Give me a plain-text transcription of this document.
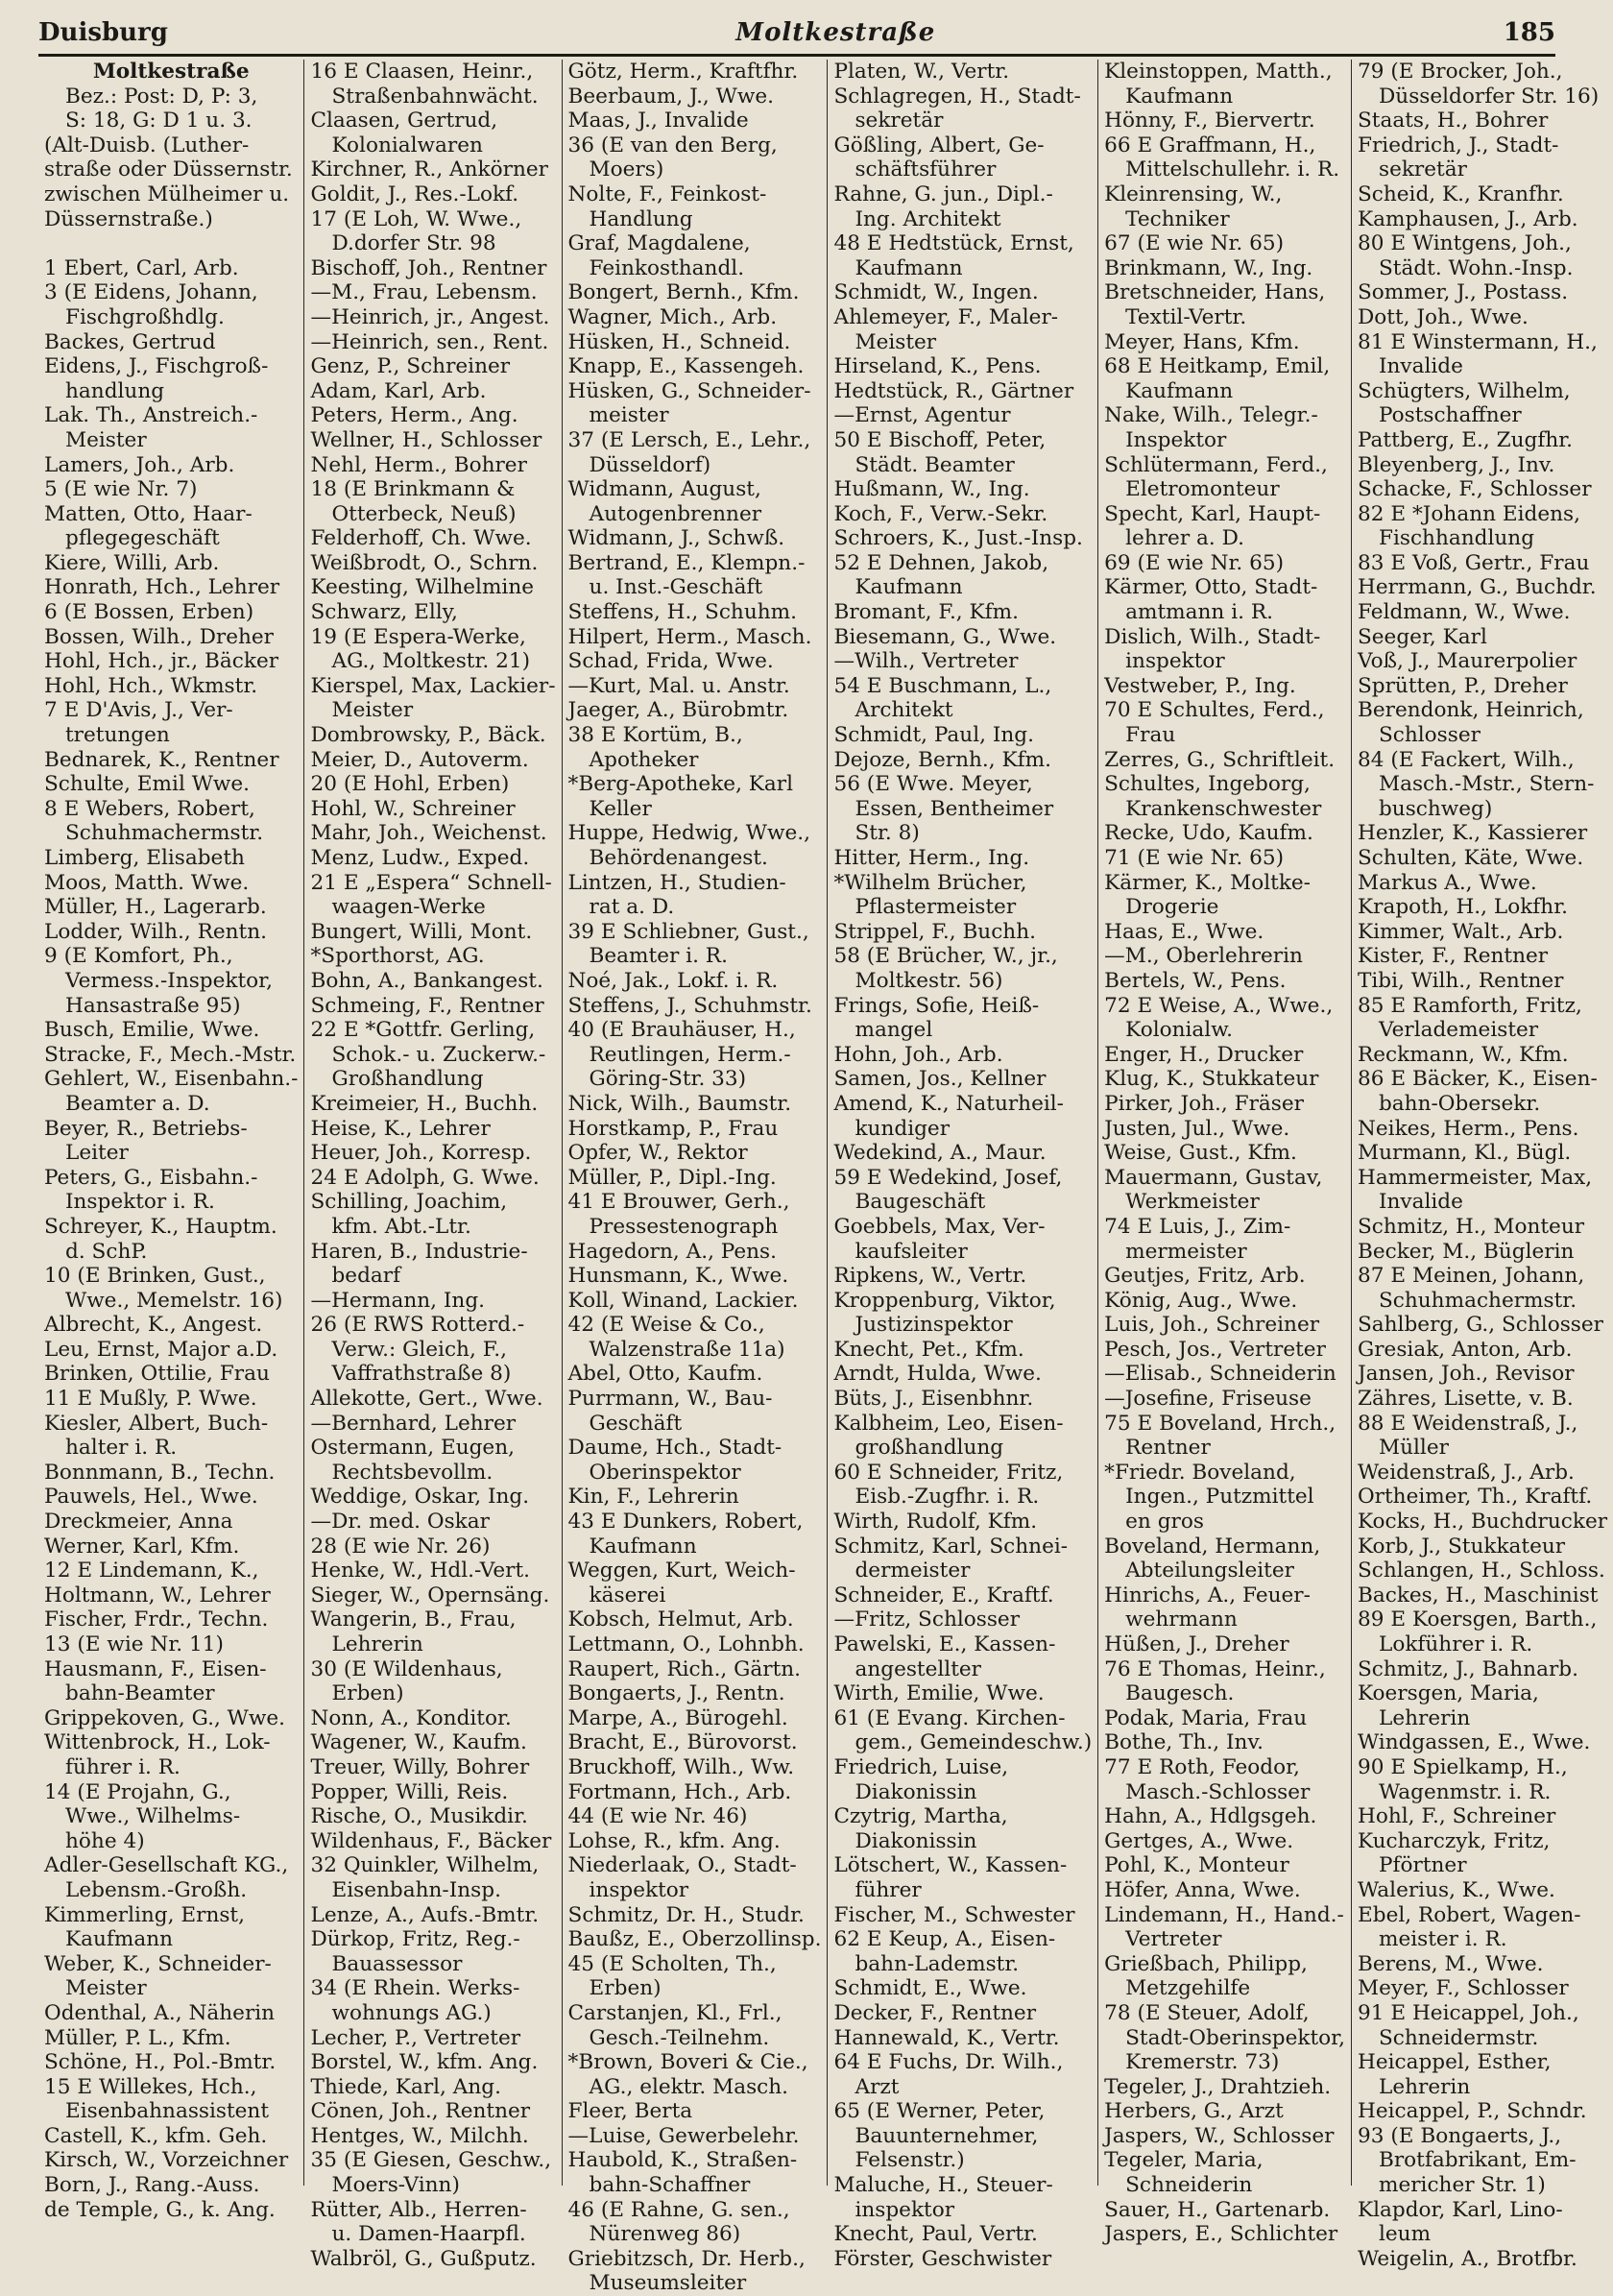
Duisburg	Moltkestraße	185
Moltkestraße
Bez.: Post: D, P: 3,
S: 18, G: D 1 u. 3.
(Alt-Duisb. (Luther-
straße oder Düssernstr.
zwischen Mülheimer u.
Düssernstraße.)
1 Ebert, Carl, Arb.
3 (E Eidens, Johann,
Fischgroßhdlg.
Backes, Gertrud
Eidens, J., Fischgroß-
handlung
Lak. Th., Anstreich.-
Meister
Lamers, Joh., Arb.
5 (E wie Nr. 7)
Matten, Otto, Haar-
pflegegeschäft
Kiere, Willi, Arb.
Honrath, Hch., Lehrer
6 (E Bossen, Erben)
Bossen, Wilh., Dreher
Hohl, Hch., jr., Bäcker
Hohl, Hch., Wkmstr.
7 E D'Avis, J., Ver-
tretungen
Bednarek, K., Rentner
Schulte, Emil Wwe.
8 E Webers, Robert,
Schuhmachermstr.
Limberg, Elisabeth
Moos, Matth. Wwe.
Müller, H., Lagerarb.
Lodder, Wilh., Rentn.
9 (E Komfort, Ph.,
Vermess.-Inspektor,
Hansastraße 95)
Busch, Emilie, Wwe.
Stracke, F., Mech.-Mstr.
Gehlert, W., Eisenbahn.-
Beamter a. D.
Beyer, R., Betriebs-
Leiter
Peters, G., Eisbahn.-
Inspektor i. R.
Schreyer, K., Hauptm.
d. SchP.
10 (E Brinken, Gust.,
Wwe., Memelstr. 16)
Albrecht, K., Angest.
Leu, Ernst, Major a.D.
Brinken, Ottilie, Frau
11 E Mußly, P. Wwe.
Kiesler, Albert, Buch-
halter i. R.
Bonnmann, B., Techn.
Pauwels, Hel., Wwe.
Dreckmeier, Anna
Werner, Karl, Kfm.
12 E Lindemann, K.,
Holtmann, W., Lehrer
Fischer, Frdr., Techn.
13 (E wie Nr. 11)
Hausmann, F., Eisen-
bahn-Beamter
Grippekoven, G., Wwe.
Wittenbrock, H., Lok-
führer i. R.
14 (E Projahn, G.,
Wwe., Wilhelms-
höhe 4)
Adler-Gesellschaft KG.,
Lebensm.-Großh.
Kimmerling, Ernst,
Kaufmann
Weber, K., Schneider-
Meister
Odenthal, A., Näherin
Müller, P. L., Kfm.
Schöne, H., Pol.-Bmtr.
15 E Willekes, Hch.,
Eisenbahnassistent
Castell, K., kfm. Geh.
Kirsch, W., Vorzeichner
Born, J., Rang.-Auss.
de Temple, G., k. Ang.
16 E Claasen, Heinr.,
Straßenbahnwächt.
Claasen, Gertrud,
Kolonialwaren
Kirchner, R., Ankörner
Goldit, J., Res.-Lokf.
17 (E Loh, W. Wwe.,
D.dorfer Str. 98
Bischoff, Joh., Rentner
—M., Frau, Lebensm.
—Heinrich, jr., Angest.
—Heinrich, sen., Rent.
Genz, P., Schreiner
Adam, Karl, Arb.
Peters, Herm., Ang.
Wellner, H., Schlosser
Nehl, Herm., Bohrer
18 (E Brinkmann &
Otterbeck, Neuß)
Felderhoff, Ch. Wwe.
Weißbrodt, O., Schrn.
Keesting, Wilhelmine
Schwarz, Elly,
19 (E Espera-Werke,
AG., Moltkestr. 21)
Kierspel, Max, Lackier-
Meister
Dombrowsky, P., Bäck.
Meier, D., Autoverm.
20 (E Hohl, Erben)
Hohl, W., Schreiner
Mahr, Joh., Weichenst.
Menz, Ludw., Exped.
21 E „Espera“ Schnell-
waagen-Werke
Bungert, Willi, Mont.
*Sporthorst, AG.
Bohn, A., Bankangest.
Schmeing, F., Rentner
22 E *Gottfr. Gerling,
Schok.- u. Zuckerw.-
Großhandlung
Kreimeier, H., Buchh.
Heise, K., Lehrer
Heuer, Joh., Korresp.
24 E Adolph, G. Wwe.
Schilling, Joachim,
kfm. Abt.-Ltr.
Haren, B., Industrie-
bedarf
—Hermann, Ing.
26 (E RWS Rotterd.-
Verw.: Gleich, F.,
Vaffrathstraße 8)
Allekotte, Gert., Wwe.
—Bernhard, Lehrer
Ostermann, Eugen,
Rechtsbevollm.
Weddige, Oskar, Ing.
—Dr. med. Oskar
28 (E wie Nr. 26)
Henke, W., Hdl.-Vert.
Sieger, W., Opernsäng.
Wangerin, B., Frau,
Lehrerin
30 (E Wildenhaus,
Erben)
Nonn, A., Konditor.
Wagener, W., Kaufm.
Treuer, Willy, Bohrer
Popper, Willi, Reis.
Rische, O., Musikdir.
Wildenhaus, F., Bäcker
32 Quinkler, Wilhelm,
Eisenbahn-Insp.
Lenze, A., Aufs.-Bmtr.
Dürkop, Fritz, Reg.-
Bauassessor
34 (E Rhein. Werks-
wohnungs AG.)
Lecher, P., Vertreter
Borstel, W., kfm. Ang.
Thiede, Karl, Ang.
Cönen, Joh., Rentner
Hentges, W., Milchh.
35 (E Giesen, Geschw.,
Moers-Vinn)
Rütter, Alb., Herren-
u. Damen-Haarpfl.
Walbröl, G., Gußputz.
Götz, Herm., Kraftfhr.
Beerbaum, J., Wwe.
Maas, J., Invalide
36 (E van den Berg,
Moers)
Nolte, F., Feinkost-
Handlung
Graf, Magdalene,
Feinkosthandl.
Bongert, Bernh., Kfm.
Wagner, Mich., Arb.
Hüsken, H., Schneid.
Knapp, E., Kassengeh.
Hüsken, G., Schneider-
meister
37 (E Lersch, E., Lehr.,
Düsseldorf)
Widmann, August,
Autogenbrenner
Widmann, J., Schwß.
Bertrand, E., Klempn.-
u. Inst.-Geschäft
Steffens, H., Schuhm.
Hilpert, Herm., Masch.
Schad, Frida, Wwe.
—Kurt, Mal. u. Anstr.
Jaeger, A., Bürobmtr.
38 E Kortüm, B.,
Apotheker
*Berg-Apotheke, Karl
Keller
Huppe, Hedwig, Wwe.,
Behördenangest.
Lintzen, H., Studien-
rat a. D.
39 E Schliebner, Gust.,
Beamter i. R.
Noé, Jak., Lokf. i. R.
Steffens, J., Schuhmstr.
40 (E Brauhäuser, H.,
Reutlingen, Herm.-
Göring-Str. 33)
Nick, Wilh., Baumstr.
Horstkamp, P., Frau
Opfer, W., Rektor
Müller, P., Dipl.-Ing.
41 E Brouwer, Gerh.,
Pressestenograph
Hagedorn, A., Pens.
Hunsmann, K., Wwe.
Koll, Winand, Lackier.
42 (E Weise & Co.,
Walzenstraße 11a)
Abel, Otto, Kaufm.
Purrmann, W., Bau-
Geschäft
Daume, Hch., Stadt-
Oberinspektor
Kin, F., Lehrerin
43 E Dunkers, Robert,
Kaufmann
Weggen, Kurt, Weich-
käserei
Kobsch, Helmut, Arb.
Lettmann, O., Lohnbh.
Raupert, Rich., Gärtn.
Bongaerts, J., Rentn.
Marpe, A., Bürogehl.
Bracht, E., Bürovorst.
Bruckhoff, Wilh., Ww.
Fortmann, Hch., Arb.
44 (E wie Nr. 46)
Lohse, R., kfm. Ang.
Niederlaak, O., Stadt-
inspektor
Schmitz, Dr. H., Studr.
Baußz, E., Oberzollinsp.
45 (E Scholten, Th.,
Erben)
Carstanjen, Kl., Frl.,
Gesch.-Teilnehm.
*Brown, Boveri & Cie.,
AG., elektr. Masch.
Fleer, Berta
—Luise, Gewerbelehr.
Haubold, K., Straßen-
bahn-Schaffner
46 (E Rahne, G. sen.,
Nürenweg 86)
Griebitzsch, Dr. Herb.,
Museumsleiter
Platen, W., Vertr.
Schlagregen, H., Stadt-
sekretär
Gößling, Albert, Ge-
schäftsführer
Rahne, G. jun., Dipl.-
Ing. Architekt
48 E Hedtstück, Ernst,
Kaufmann
Schmidt, W., Ingen.
Ahlemeyer, F., Maler-
Meister
Hirseland, K., Pens.
Hedtstück, R., Gärtner
—Ernst, Agentur
50 E Bischoff, Peter,
Städt. Beamter
Hußmann, W., Ing.
Koch, F., Verw.-Sekr.
Schroers, K., Just.-Insp.
52 E Dehnen, Jakob,
Kaufmann
Bromant, F., Kfm.
Biesemann, G., Wwe.
—Wilh., Vertreter
54 E Buschmann, L.,
Architekt
Schmidt, Paul, Ing.
Dejoze, Bernh., Kfm.
56 (E Wwe. Meyer,
Essen, Bentheimer
Str. 8)
Hitter, Herm., Ing.
*Wilhelm Brücher,
Pflastermeister
Strippel, F., Buchh.
58 (E Brücher, W., jr.,
Moltkestr. 56)
Frings, Sofie, Heiß-
mangel
Hohn, Joh., Arb.
Samen, Jos., Kellner
Amend, K., Naturheil-
kundiger
Wedekind, A., Maur.
59 E Wedekind, Josef,
Baugeschäft
Goebbels, Max, Ver-
kaufsleiter
Ripkens, W., Vertr.
Kroppenburg, Viktor,
Justizinspektor
Knecht, Pet., Kfm.
Arndt, Hulda, Wwe.
Büts, J., Eisenbhnr.
Kalbheim, Leo, Eisen-
großhandlung
60 E Schneider, Fritz,
Eisb.-Zugfhr. i. R.
Wirth, Rudolf, Kfm.
Schmitz, Karl, Schnei-
dermeister
Schneider, E., Kraftf.
—Fritz, Schlosser
Pawelski, E., Kassen-
angestellter
Wirth, Emilie, Wwe.
61 (E Evang. Kirchen-
gem., Gemeindeschw.)
Friedrich, Luise,
Diakonissin
Czytrig, Martha,
Diakonissin
Lötschert, W., Kassen-
führer
Fischer, M., Schwester
62 E Keup, A., Eisen-
bahn-Lademstr.
Schmidt, E., Wwe.
Decker, F., Rentner
Hannewald, K., Vertr.
64 E Fuchs, Dr. Wilh.,
Arzt
65 (E Werner, Peter,
Bauunternehmer,
Felsenstr.)
Maluche, H., Steuer-
inspektor
Knecht, Paul, Vertr.
Förster, Geschwister
Kleinstoppen, Matth.,
Kaufmann
Hönny, F., Biervertr.
66 E Graffmann, H.,
Mittelschullehr. i. R.
Kleinrensing, W.,
Techniker
67 (E wie Nr. 65)
Brinkmann, W., Ing.
Bretschneider, Hans,
Textil-Vertr.
Meyer, Hans, Kfm.
68 E Heitkamp, Emil,
Kaufmann
Nake, Wilh., Telegr.-
Inspektor
Schlütermann, Ferd.,
Eletromonteur
Specht, Karl, Haupt-
lehrer a. D.
69 (E wie Nr. 65)
Kärmer, Otto, Stadt-
amtmann i. R.
Dislich, Wilh., Stadt-
inspektor
Vestweber, P., Ing.
70 E Schultes, Ferd.,
Frau
Zerres, G., Schriftleit.
Schultes, Ingeborg,
Krankenschwester
Recke, Udo, Kaufm.
71 (E wie Nr. 65)
Kärmer, K., Moltke-
Drogerie
Haas, E., Wwe.
—M., Oberlehrerin
Bertels, W., Pens.
72 E Weise, A., Wwe.,
Kolonialw.
Enger, H., Drucker
Klug, K., Stukkateur
Pirker, Joh., Fräser
Justen, Jul., Wwe.
Weise, Gust., Kfm.
Mauermann, Gustav,
Werkmeister
74 E Luis, J., Zim-
mermeister
Geutjes, Fritz, Arb.
König, Aug., Wwe.
Luis, Joh., Schreiner
Pesch, Jos., Vertreter
—Elisab., Schneiderin
—Josefine, Friseuse
75 E Boveland, Hrch.,
Rentner
*Friedr. Boveland,
Ingen., Putzmittel
en gros
Boveland, Hermann,
Abteilungsleiter
Hinrichs, A., Feuer-
wehrmann
Hüßen, J., Dreher
76 E Thomas, Heinr.,
Baugesch.
Podak, Maria, Frau
Bothe, Th., Inv.
77 E Roth, Feodor,
Masch.-Schlosser
Hahn, A., Hdlgsgeh.
Gertges, A., Wwe.
Pohl, K., Monteur
Höfer, Anna, Wwe.
Lindemann, H., Hand.-
Vertreter
Grießbach, Philipp,
Metzgehilfe
78 (E Steuer, Adolf,
Stadt-Oberinspektor,
Kremerstr. 73)
Tegeler, J., Drahtzieh.
Herbers, G., Arzt
Jaspers, W., Schlosser
Tegeler, Maria,
Schneiderin
Sauer, H., Gartenarb.
Jaspers, E., Schlichter
79 (E Brocker, Joh.,
Düsseldorfer Str. 16)
Staats, H., Bohrer
Friedrich, J., Stadt-
sekretär
Scheid, K., Kranfhr.
Kamphausen, J., Arb.
80 E Wintgens, Joh.,
Städt. Wohn.-Insp.
Sommer, J., Postass.
Dott, Joh., Wwe.
81 E Winstermann, H.,
Invalide
Schügters, Wilhelm,
Postschaffner
Pattberg, E., Zugfhr.
Bleyenberg, J., Inv.
Schacke, F., Schlosser
82 E *Johann Eidens,
Fischhandlung
83 E Voß, Gertr., Frau
Herrmann, G., Buchdr.
Feldmann, W., Wwe.
Seeger, Karl
Voß, J., Maurerpolier
Sprütten, P., Dreher
Berendonk, Heinrich,
Schlosser
84 (E Fackert, Wilh.,
Masch.-Mstr., Stern-
buschweg)
Henzler, K., Kassierer
Schulten, Käte, Wwe.
Markus A., Wwe.
Krapoth, H., Lokfhr.
Kimmer, Walt., Arb.
Kister, F., Rentner
Tibi, Wilh., Rentner
85 E Ramforth, Fritz,
Verlademeister
Reckmann, W., Kfm.
86 E Bäcker, K., Eisen-
bahn-Obersekr.
Neikes, Herm., Pens.
Murmann, Kl., Bügl.
Hammermeister, Max,
Invalide
Schmitz, H., Monteur
Becker, M., Büglerin
87 E Meinen, Johann,
Schuhmachermstr.
Sahlberg, G., Schlosser
Gresiak, Anton, Arb.
Jansen, Joh., Revisor
Zähres, Lisette, v. B.
88 E Weidenstraß, J.,
Müller
Weidenstraß, J., Arb.
Ortheimer, Th., Kraftf.
Kocks, H., Buchdrucker
Korb, J., Stukkateur
Schlangen, H., Schloss.
Backes, H., Maschinist
89 E Koersgen, Barth.,
Lokführer i. R.
Schmitz, J., Bahnarb.
Koersgen, Maria,
Lehrerin
Windgassen, E., Wwe.
90 E Spielkamp, H.,
Wagenmstr. i. R.
Hohl, F., Schreiner
Kucharczyk, Fritz,
Pförtner
Walerius, K., Wwe.
Ebel, Robert, Wagen-
meister i. R.
Berens, M., Wwe.
Meyer, F., Schlosser
91 E Heicappel, Joh.,
Schneidermstr.
Heicappel, Esther,
Lehrerin
Heicappel, P., Schndr.
93 (E Bongaerts, J.,
Brotfabrikant, Em-
mericher Str. 1)
Klapdor, Karl, Lino-
leum
Weigelin, A., Brotfbr.
